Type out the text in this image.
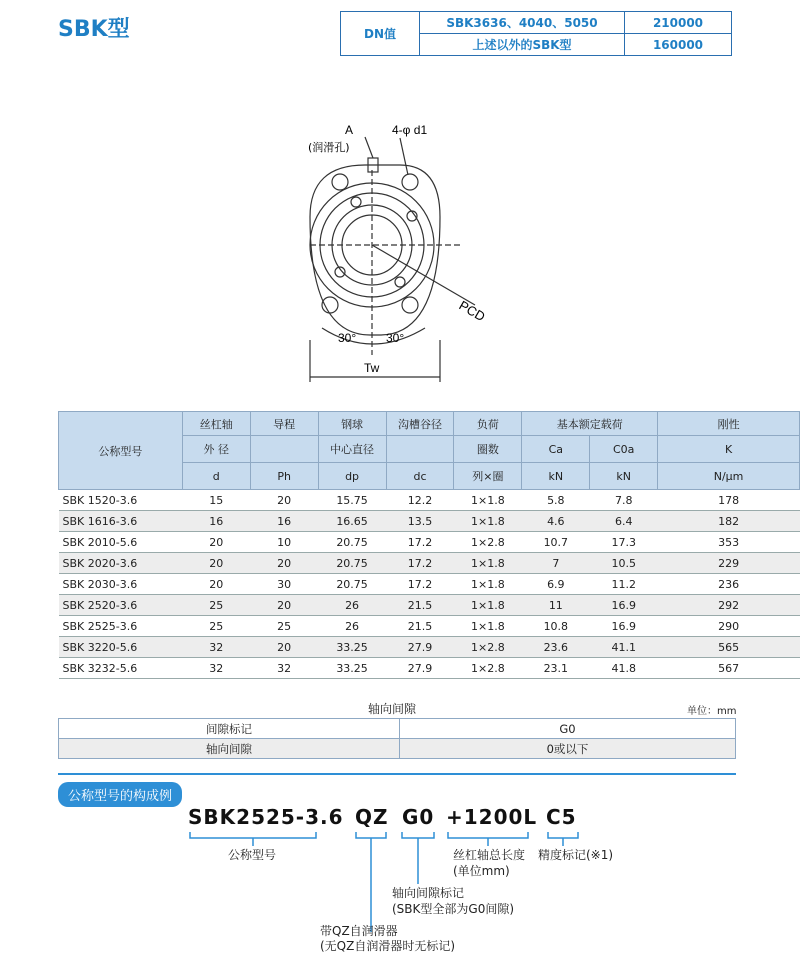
SBK型	DN值	SBK3636、4040、5050	210000
	上述以外的SBK型	160000
A
(润滑孔)
4-φ d1
PCD
30° 30°
Tw
公称型号	丝杠轴	导程	钢球	沟槽谷径	负荷	基本额定载荷		刚性
	外 径		中心直径		圈数	Ca	C0a	K
	d	Ph	dp	dc	列×圈	kN	kN	N/μm
SBK 1520-3.6	15	20	15.75	12.2	1×1.8	5.8	7.8	178
SBK 1616-3.6	16	16	16.65	13.5	1×1.8	4.6	6.4	182
SBK 2010-5.6	20	10	20.75	17.2	1×2.8	10.7	17.3	353
SBK 2020-3.6	20	20	20.75	17.2	1×1.8	7	10.5	229
SBK 2030-3.6	20	30	20.75	17.2	1×1.8	6.9	11.2	236
SBK 2520-3.6	25	20	26	21.5	1×1.8	11	16.9	292
SBK 2525-3.6	25	25	26	21.5	1×1.8	10.8	16.9	290
SBK 3220-5.6	32	20	33.25	27.9	1×2.8	23.6	41.1	565
SBK 3232-5.6	32	32	33.25	27.9	1×2.8	23.1	41.8	567
轴向间隙	单位：mm
间隙标记	G0
轴向间隙	0或以下
公称型号的构成例
SBK2525-3.6 QZ G0 +1200L C5
公称型号	丝杠轴总长度
(单位mm)
精度标记(※1)
轴向间隙标记
(SBK型全部为G0间隙)
带QZ自润滑器
(无QZ自润滑器时无标记)
